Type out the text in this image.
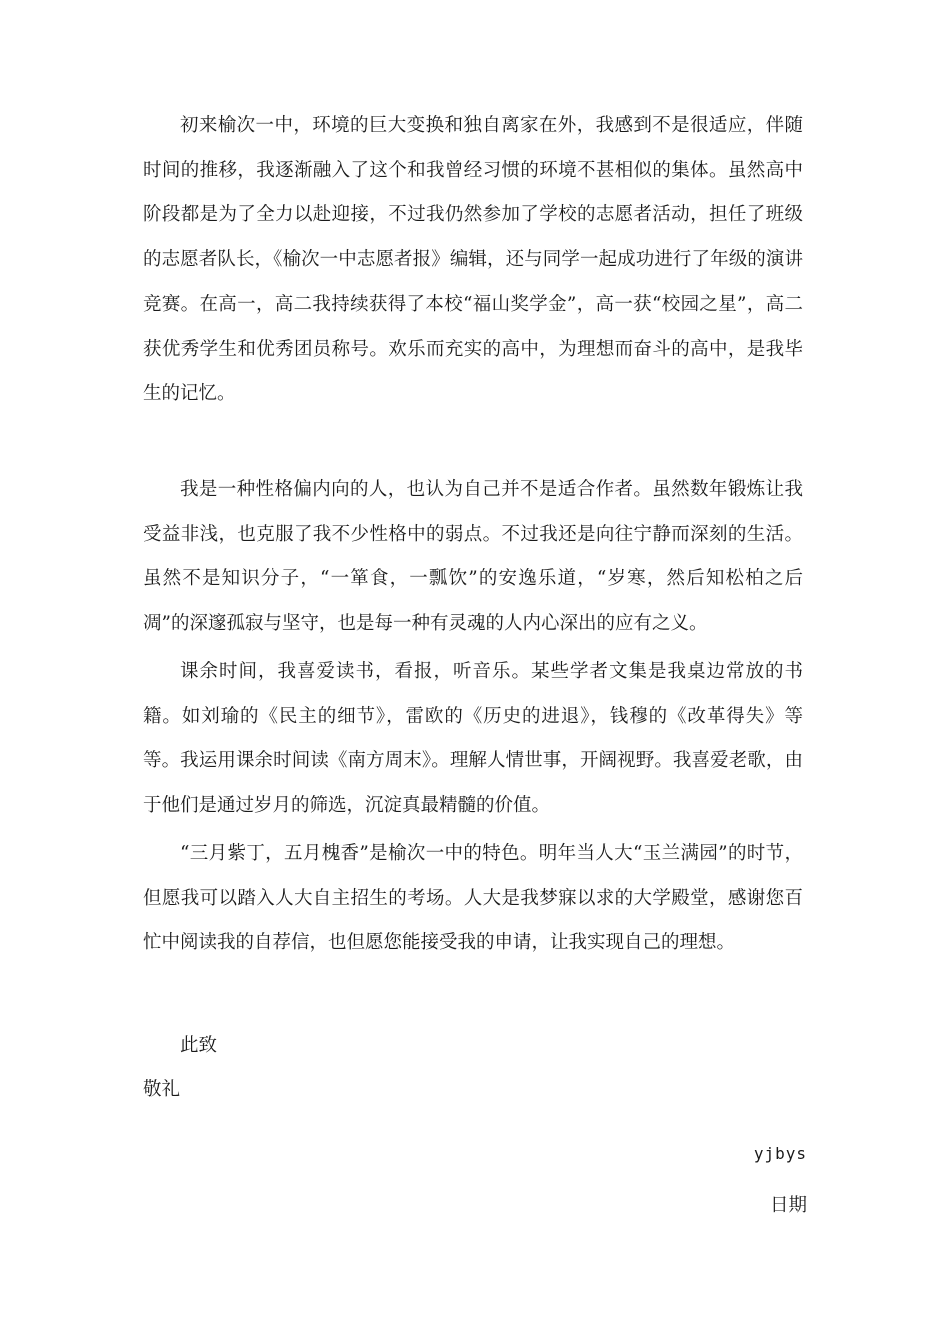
初来榆次一中，环境的巨大变换和独自离家在外，我感到不是很适应，伴随时间的推移，我逐渐融入了这个和我曾经习惯的环境不甚相似的集体。虽然高中阶段都是为了全力以赴迎接，不过我仍然参加了学校的志愿者活动，担任了班级的志愿者队长，《榆次一中志愿者报》编辑，还与同学一起成功进行了年级的演讲竞赛。在高一，高二我持续获得了本校“福山奖学金”，高一获“校园之星”，高二获优秀学生和优秀团员称号。欢乐而充实的高中，为理想而奋斗的高中，是我毕生的记忆。

我是一种性格偏内向的人，也认为自己并不是适合作者。虽然数年锻炼让我受益非浅，也克服了我不少性格中的弱点。不过我还是向往宁静而深刻的生活。虽然不是知识分子，“一箪食，一瓢饮”的安逸乐道，“岁寒，然后知松柏之后凋”的深邃孤寂与坚守，也是每一种有灵魂的人内心深出的应有之义。

课余时间，我喜爱读书，看报，听音乐。某些学者文集是我桌边常放的书籍。如刘瑜的《民主的细节》，雷欧的《历史的进退》，钱穆的《改革得失》等等。我运用课余时间读《南方周末》。理解人情世事，开阔视野。我喜爱老歌，由于他们是通过岁月的筛选，沉淀真最精髓的价值。

“三月紫丁，五月槐香”是榆次一中的特色。明年当人大“玉兰满园”的时节，但愿我可以踏入人大自主招生的考场。人大是我梦寐以求的大学殿堂，感谢您百忙中阅读我的自荐信，也但愿您能接受我的申请，让我实现自己的理想。

此致
敬礼
yjbys
日期
